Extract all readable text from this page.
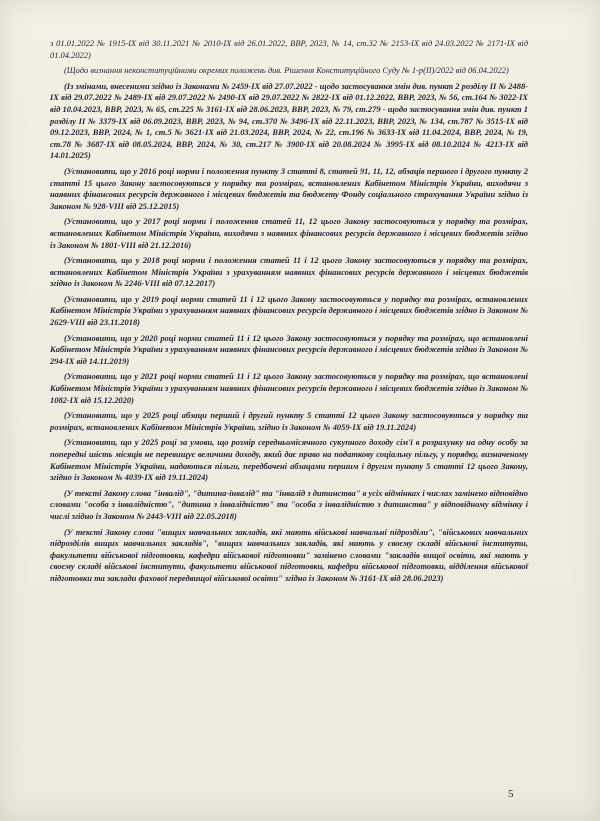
з 01.01.2022 № 1915-IX від 30.11.2021 № 2010-IX від 26.01.2022, ВВР, 2023, № 14, ст.32 № 2153-IX від 24.03.2022 № 2171-IX від 01.04.2022)

(Щодо визнання неконституційними окремих положень див. Рішення Конституційного Суду № 1-р(II)/2022 від 06.04.2022)

(Із змінами, внесеними згідно із Законами № 2459-IX від 27.07.2022 - щодо застосування змін див. пункт 2 розділу II № 2488-IX від 29.07.2022 № 2489-IX від 29.07.2022 № 2490-IX від 29.07.2022 № 2822-IX від 01.12.2022, ВВР, 2023, № 56, ст.164 № 3022-IX від 10.04.2023, ВВР, 2023, № 65, ст.225 № 3161-IX від 28.06.2023, ВВР, 2023, № 79, ст.279 - щодо застосування змін див. пункт 1 розділу II № 3379-IX від 06.09.2023, ВВР, 2023, № 94, ст.370 № 3496-IX від 22.11.2023, ВВР, 2023, № 134, ст.787 № 3515-IX від 09.12.2023, ВВР, 2024, № 1, ст.5 № 3621-IX від 21.03.2024, ВВР, 2024, № 22, ст.196 № 3633-IX від 11.04.2024, ВВР, 2024, № 19, ст.78 № 3687-IX від 08.05.2024, ВВР, 2024, № 30, ст.217 № 3900-IX від 20.08.2024 № 3995-IX від 08.10.2024 № 4213-IX від 14.01.2025)

(Установити, що у 2016 році норми і положення пункту 3 статті 8, статей 91, 11, 12, абзаців першого і другого пункту 2 статті 15 цього Закону застосовуються у порядку та розмірах, встановлених Кабінетом Міністрів України, виходячи з наявних фінансових ресурсів державного і місцевих бюджетів та бюджету Фонду соціального страхування України згідно із Законом № 928-VIII від 25.12.2015)

(Установити, що у 2017 році норми і положення статей 11, 12 цього Закону застосовуються у порядку та розмірах, встановлених Кабінетом Міністрів України, виходячи з наявних фінансових ресурсів державного і місцевих бюджетів згідно із Законом № 1801-VIII від 21.12.2016)

(Установити, що у 2018 році норми і положення статей 11 і 12 цього Закону застосовуються у порядку та розмірах, встановлених Кабінетом Міністрів України з урахуванням наявних фінансових ресурсів державного і місцевих бюджетів згідно із Законом № 2246-VIII від 07.12.2017)

(Установити, що у 2019 році норми статей 11 і 12 цього Закону застосовуються у порядку та розмірах, встановлених Кабінетом Міністрів України з урахуванням наявних фінансових ресурсів державного і місцевих бюджетів згідно із Законом № 2629-VIII від 23.11.2018)

(Установити, що у 2020 році норми статей 11 і 12 цього Закону застосовуються у порядку та розмірах, що встановлені Кабінетом Міністрів України з урахуванням наявних фінансових ресурсів державного і місцевих бюджетів згідно із Законом № 294-IX від 14.11.2019)

(Установити, що у 2021 році норми статей 11 і 12 цього Закону застосовуються у порядку та розмірах, що встановлені Кабінетом Міністрів України з урахуванням наявних фінансових ресурсів державного і місцевих бюджетів згідно із Законом № 1082-IX від 15.12.2020)

(Установити, що у 2025 році абзаци перший і другий пункту 5 статті 12 цього Закону застосовуються у порядку та розмірах, встановлених Кабінетом Міністрів України, згідно із Законом № 4059-IX від 19.11.2024)

(Установити, що у 2025 році за умови, що розмір середньомісячного сукупного доходу сім'ї в розрахунку на одну особу за попередні шість місяців не перевищує величини доходу, який дає право на податкову соціальну пільгу, у порядку, визначеному Кабінетом Міністрів України, надаються пільги, передбачені абзацами першим і другим пункту 5 статті 12 цього Закону, згідно із Законом № 4039-IX від 19.11.2024)

(У тексті Закону слова "інвалід", "дитина-інвалід" та "інвалід з дитинства" в усіх відмінках і числах замінено відповідно словами "особа з інвалідністю", "дитина з інвалідністю" та "особа з інвалідністю з дитинства" у відповідному відмінку і числі згідно із Законом № 2443-VIII від 22.05.2018)

(У тексті Закону слова "вищих навчальних закладів, які мають військові навчальні підрозділи", "військових навчальних підрозділів вищих навчальних закладів", "вищих навчальних закладів, які мають у своєму складі військові інститути, факультети військової підготовки, кафедри військової підготовки" замінено словами "закладів вищої освіти, які мають у своєму складі військові інститути, факультети військової підготовки, кафедри військової підготовки, відділення військової підготовки та заклади фахової передвищої військової освіти" згідно із Законом № 3161-IX від 28.06.2023)

5
